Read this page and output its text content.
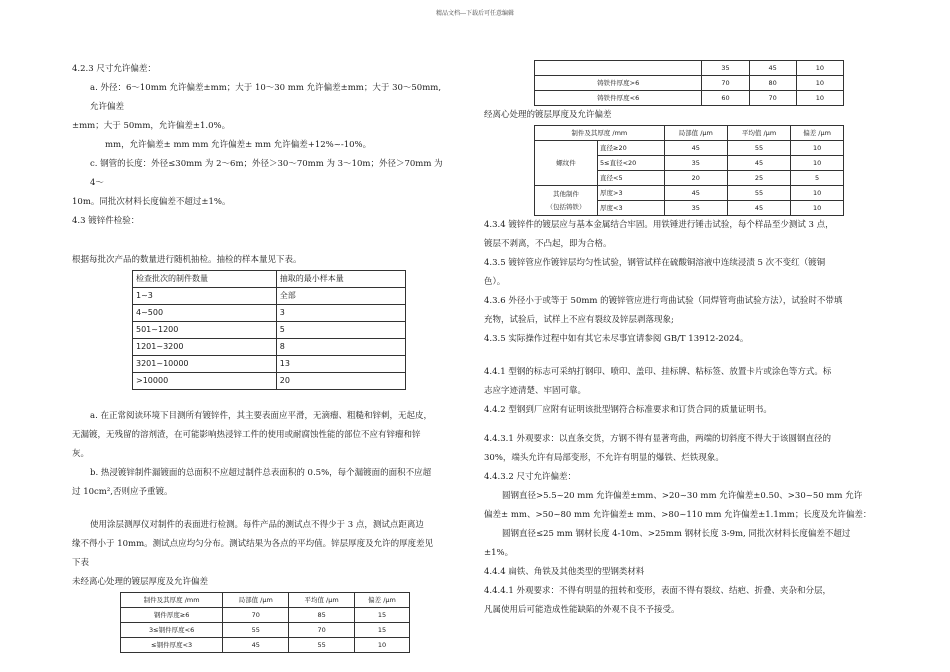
精品文档---下载后可任意编辑

4.2.3 尺寸允许偏差：

a. 外径：6～10mm 允许偏差±mm；大于 10～30 mm 允许偏差±mm；大于 30～50mm,允许偏差

±mm；大于 50mm，允许偏差±1.0%。

mm，允许偏差± mm mm 允许偏差± mm 允许偏差+12%~-10%。

c. 钢管的长度：外径≤30mm 为 2～6m；外径＞30～70mm 为 3～10m；外径＞70mm 为 4～

10m。同批次材料长度偏差不超过±1%。

4.3 镀锌件检验：

根据每批次产品的数量进行随机抽检。抽检的样本量见下表。

检查批次的制件数量	抽取的最小样本量
1~3	全部
4~500	3
501~1200	5
1201~3200	8
3201~10000	13
>10000	20

a. 在正常阅读环境下目测所有镀锌件，其主要表面应平滑，无滴瘤、粗糙和锌刺，无起皮，

无漏镀，无残留的溶剂渣，在可能影响热浸锌工件的使用或耐腐蚀性能的部位不应有锌瘤和锌

灰。

b. 热浸镀锌制件漏镀面的总面积不应超过制件总表面积的 0.5%，每个漏镀面的面积不应超

过 10cm²,否则应予重镀。

使用涂层测厚仪对制件的表面进行检测。每件产品的测试点不得少于 3 点，测试点距离边

缘不得小于 10mm。测试点应均匀分布。测试结果为各点的平均值。锌层厚度及允许的厚度差见

下表

未经离心处理的镀层厚度及允许偏差

制件及其厚度 /mm	局部值 /μm	平均值 /μm	偏差 /μm
钢件厚度≥6	70	85	15
3≤钢件厚度<6	55	70	15
≤钢件厚度<3	45	55	10
	35	45	10
铸铁件厚度>6	70	80	10
铸铁件厚度<6	60	70	10

经离心处理的镀层厚度及允许偏差

制件及其厚度 /mm		局部值 /μm	平均值 /μm	偏差 /μm
螺纹件	直径≥20	45	55	10
	5≤直径<20	35	45	10
	直径<5	20	25	5
其他制件
（包括铸铁）	厚度>3	45	55	10
	厚度<3	35	45	10

4.3.4 镀锌件的镀层应与基本金属结合牢固。用铁锤进行锤击试验，每个样品至少测试 3 点，

镀层不剥离，不凸起，即为合格。

4.3.5 镀锌管应作镀锌层均匀性试验，钢管试样在硫酸铜溶液中连续浸渍 5 次不变红（镀铜

色）。

4.3.6 外径小于或等于 50mm 的镀锌管应进行弯曲试验（同焊管弯曲试验方法），试验时不带填

充物，试验后，试样上不应有裂纹及锌层剥落现象;

4.3.5 实际操作过程中如有其它未尽事宜请参阅 GB/T 13912-2024。

4.4.1 型钢的标志可采纳打钢印、喷印、盖印、挂标牌、粘标签、放置卡片或涂色等方式。标

志应字迹清楚、牢固可靠。

4.4.2 型钢到厂应附有证明该批型钢符合标准要求和订货合同的质量证明书。

4.4.3.1 外观要求：以直条交货，方钢不得有显著弯曲，两端的切斜度不得大于该圆钢直径的

30%，端头允许有局部变形，不允许有明显的爆铁、烂铁现象。

4.4.3.2 尺寸允许偏差：

圆钢直径>5.5~20 mm 允许偏差±mm、>20~30 mm 允许偏差±0.50、>30~50 mm 允许

偏差± mm、>50~80 mm 允许偏差± mm、>80~110 mm 允许偏差±1.1mm；长度及允许偏差：

圆钢直径≤25 mm 钢材长度 4-10m、>25mm 钢材长度 3-9m, 同批次材料长度偏差不超过

±1%。

4.4.4 扁铁、角铁及其他类型的型钢类材料

4.4.4.1 外观要求：不得有明显的扭转和变形，表面不得有裂纹、结疤、折叠、夹杂和分层，

凡属使用后可能造成性能缺陷的外观不良不予接受。
